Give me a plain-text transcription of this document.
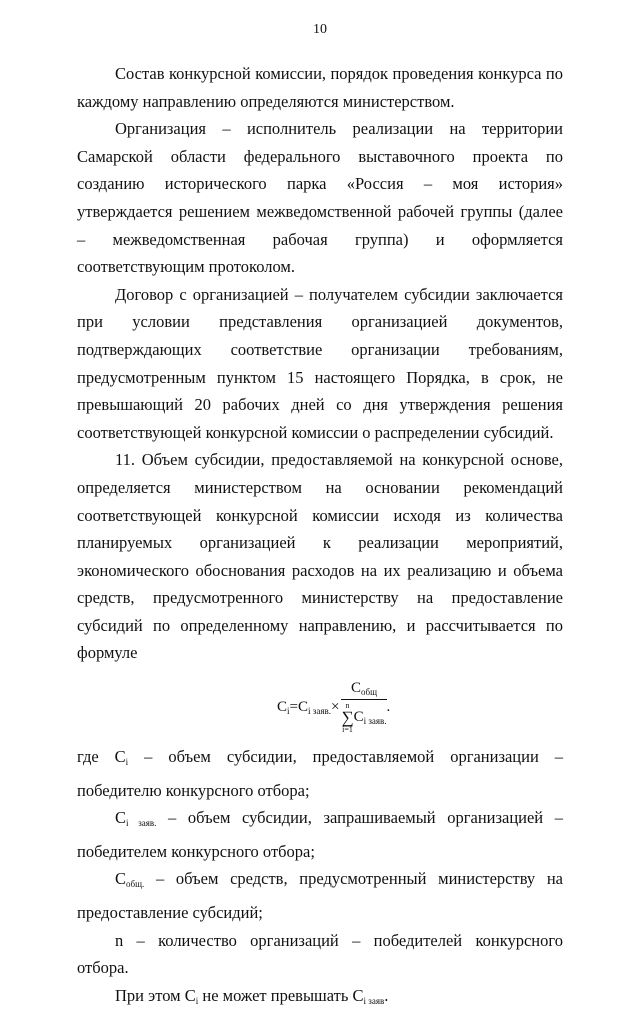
10

Состав конкурсной комиссии, порядок проведения конкурса по каждому направлению определяются министерством.

Организация – исполнитель реализации на территории Самарской области федерального выставочного проекта по созданию исторического парка «Россия – моя история» утверждается решением межведомственной рабочей группы (далее – межведомственная рабочая группа) и оформляется соответствующим протоколом.

Договор с организацией – получателем субсидии заключается при условии представления организацией документов, подтверждающих соответствие организации требованиям, предусмотренным пунктом 15 настоящего Порядка, в срок, не превышающий 20 рабочих дней со дня утверждения решения соответствующей конкурсной комиссии о распределении субсидий.

11. Объем субсидии, предоставляемой на конкурсной основе, определяется министерством на основании рекомендаций соответствующей конкурсной комиссии исходя из количества планируемых организацией к реализации мероприятий, экономического обоснования расходов на их реализацию и объема средств, предусмотренного министерству на предоставление субсидий по определенному направлению, и рассчитывается по формуле

$C_i=C_{i заяв.}\times C_{общ}$
n
∑
i=1
$C_{i заяв.}$ .

где $C_i$ – объем субсидии, предоставляемой организации – победителю конкурсного отбора;

$C_{i заяв.}$ – объем субсидии, запрашиваемый организацией – победителем конкурсного отбора;

$C_{общ.}$ – объем средств, предусмотренный министерству на предоставление субсидий;

n – количество организаций – победителей конкурсного отбора.

При этом $C_i$ не может превышать $C_{i заяв}$.
